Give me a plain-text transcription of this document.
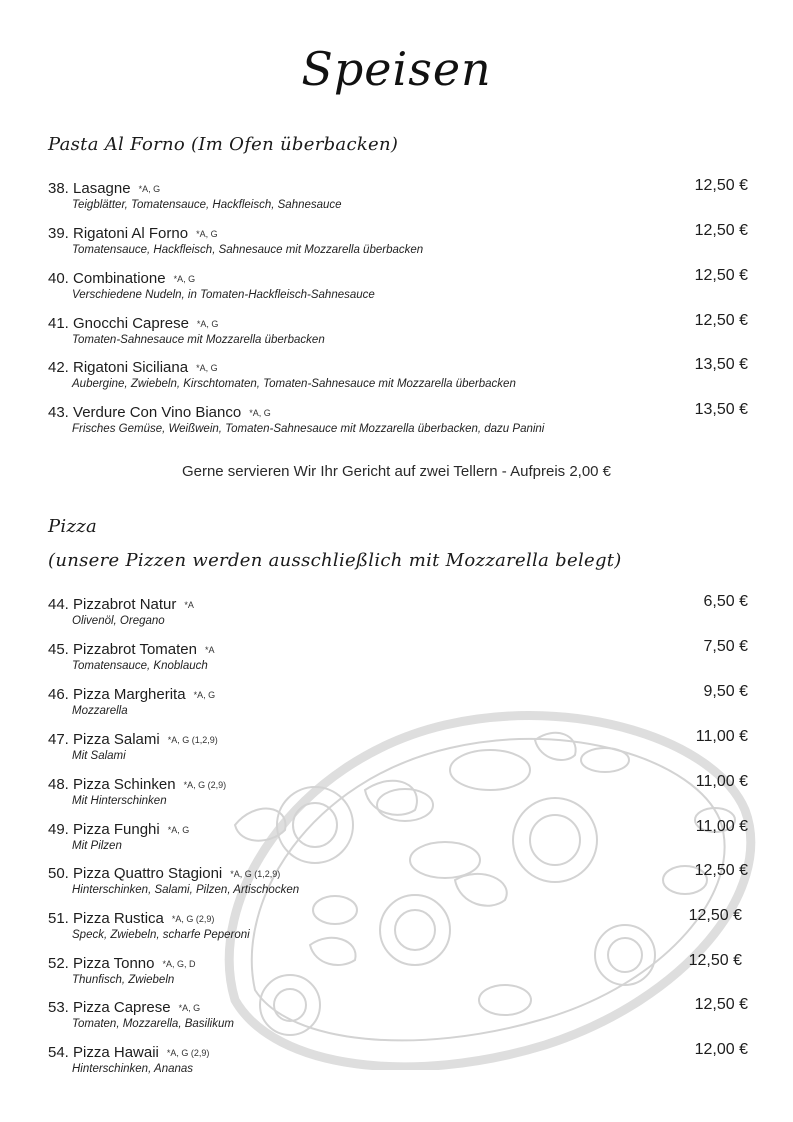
Speisen
Pasta Al Forno (Im Ofen überbacken)
38. Lasagne *A, G
Teigblätter, Tomatensauce, Hackfleisch, Sahnesauce
12,50 €
39. Rigatoni Al Forno *A, G
Tomatensauce, Hackfleisch, Sahnesauce mit Mozzarella überbacken
12,50 €
40. Combinatione *A, G
Verschiedene Nudeln, in Tomaten-Hackfleisch-Sahnesauce
12,50 €
41. Gnocchi Caprese *A, G
Tomaten-Sahnesauce mit Mozzarella überbacken
12,50 €
42. Rigatoni Siciliana *A, G
Aubergine, Zwiebeln, Kirschtomaten, Tomaten-Sahnesauce mit Mozzarella überbacken
13,50 €
43. Verdure Con Vino Bianco *A, G
Frisches Gemüse, Weißwein, Tomaten-Sahnesauce mit Mozzarella überbacken, dazu Panini
13,50 €
Gerne servieren Wir Ihr Gericht auf zwei Tellern - Aufpreis 2,00 €
Pizza
(unsere Pizzen werden ausschließlich mit Mozzarella belegt)
44. Pizzabrot Natur *A
Olivenöl, Oregano
6,50 €
45. Pizzabrot Tomaten *A
Tomatensauce, Knoblauch
7,50 €
46. Pizza Margherita *A, G
Mozzarella
9,50 €
47. Pizza Salami *A, G (1,2,9)
Mit Salami
11,00 €
48. Pizza Schinken *A, G (2,9)
Mit Hinterschinken
11,00 €
49. Pizza Funghi *A, G
Mit Pilzen
11,00 €
50. Pizza Quattro Stagioni *A, G (1,2,9)
Hinterschinken, Salami, Pilzen, Artischocken
12,50 €
51. Pizza Rustica *A, G (2,9)
Speck, Zwiebeln, scharfe Peperoni
12,50 €
52. Pizza Tonno *A, G, D
Thunfisch, Zwiebeln
12,50 €
53. Pizza Caprese *A, G
Tomaten, Mozzarella, Basilikum
12,50 €
54. Pizza Hawaii *A, G (2,9)
Hinterschinken, Ananas
12,00 €
